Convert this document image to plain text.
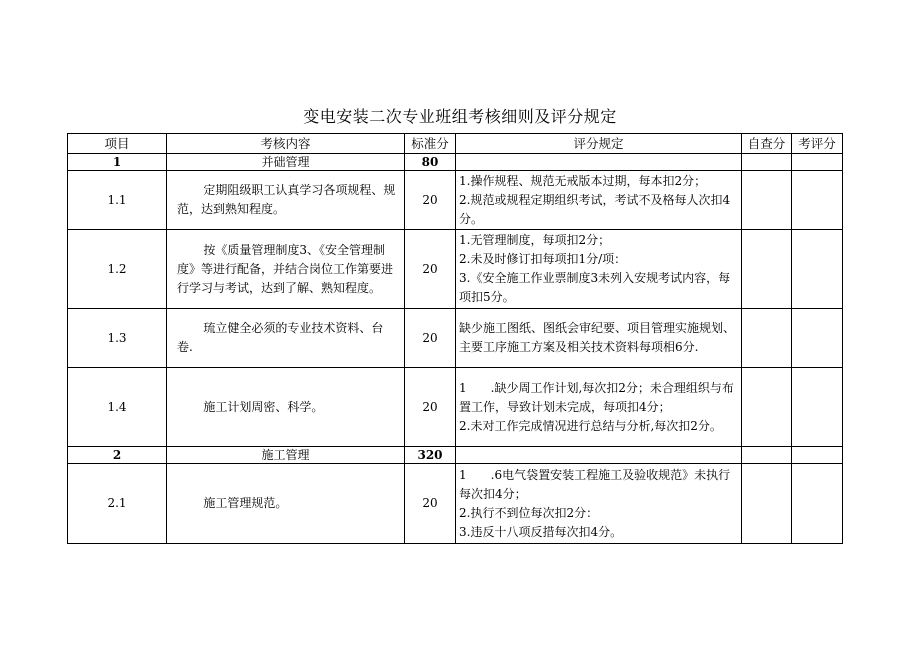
变电安装二次专业班组考核细则及评分规定
项目	考核内容	标准分	评分规定	自查分	考评分
1	并础管理	80			
1.1	定期阻级职工认真学习各项规程、规范，达到熟知程度。	20	1.操作规程、规范无戒版本过期，每本扣2分；
2.规范或规程定期组织考试，考试不及格每人次扣4分。		

1.2	按《质量管理制度3、《安全管理制度》等进行配备，并结合岗位工作第要进行学习与考试，达到了解、熟知程度。	20	1.无管理制度，每项扣2分；
2.未及时修订扣每项扣1分/项：
3.《安全施工作业票制度3未列入安规考试内容，每项扣5分。		

1.3	琉立健全必须的专业技术资料、台卷.	20	缺少施工图纸、图纸会审纪要、项目管理实施规划、主要工序施工方案及相关技术资料每项相6分.		

1.4	施工计划周密、科学。	20	1　　.缺少周工作计划,每次扣2分；未合理组织与布置工作，导致计划未完成，每项扣4分；
2.未对工作完成情况进行总结与分析,每次扣2分。		

2	施工管理	320			
2.1	施工管理规范。	20	1　　.6电气袋置安装工程施工及验收规范》未执行每次扣4分；
2.执行不到位每次扣2分：
3.违反十八项反措每次扣4分。		
